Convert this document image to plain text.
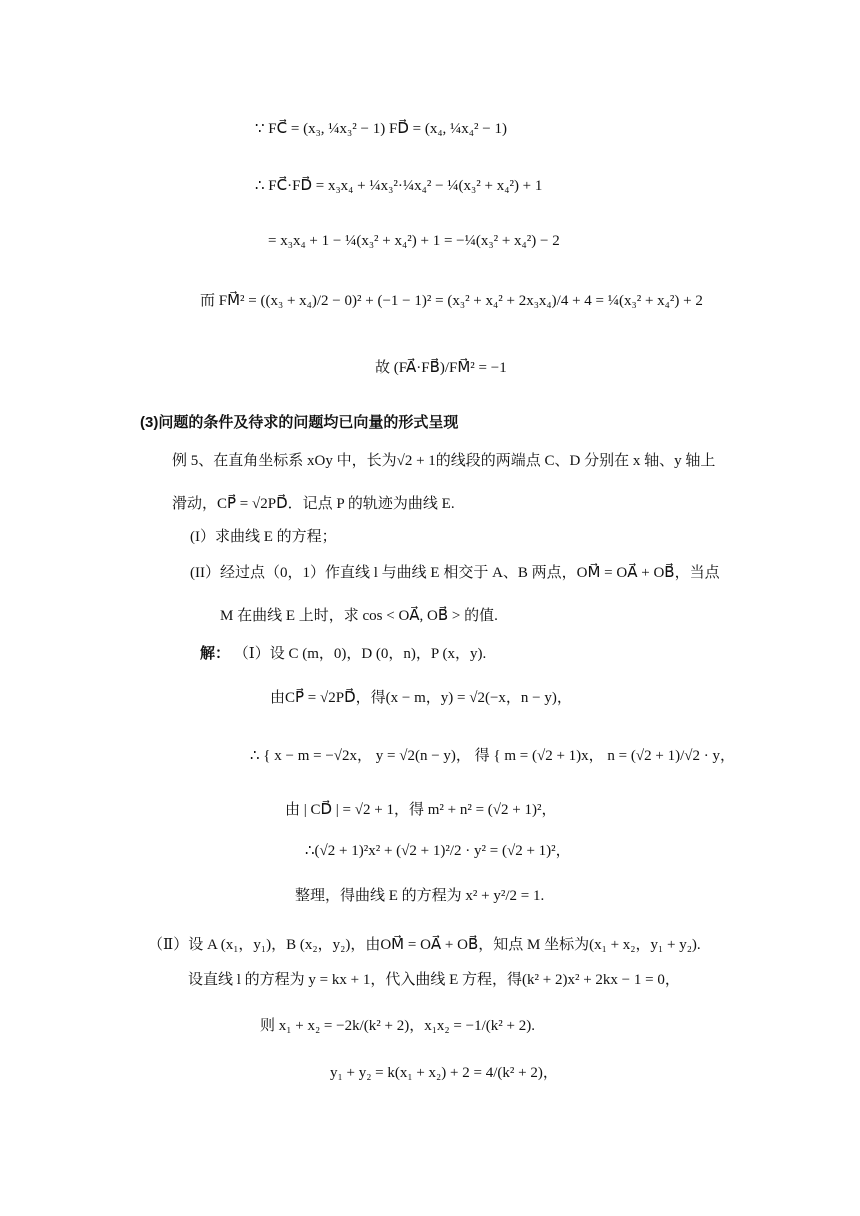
∵ FC⃗ = (x₃, ¼x₃² − 1) FD⃗ = (x₄, ¼x₄² − 1)
∴ FC⃗·FD⃗ = x₃x₄ + ¼x₃²·¼x₄² − ¼(x₃² + x₄²) + 1
= x₃x₄ + 1 − ¼(x₃² + x₄²) + 1 = −¼(x₃² + x₄²) − 2
而 FM⃗² = ((x₃ + x₄)/2 − 0)² + (−1 − 1)² = (x₃² + x₄² + 2x₃x₄)/4 + 4 = ¼(x₃² + x₄²) + 2
故 (FA⃗·FB⃗)/FM⃗² = −1
(3)问题的条件及待求的问题均已向量的形式呈现
例 5、在直角坐标系 xOy 中，长为√2 + 1的线段的两端点 C、D 分别在 x 轴、y 轴上
滑动，CP⃗ = √2PD⃗．记点 P 的轨迹为曲线 E.
(I）求曲线 E 的方程；
(II）经过点（0，1）作直线 l 与曲线 E 相交于 A、B 两点，OM⃗ = OA⃗ + OB⃗，当点
M 在曲线 E 上时，求 cos < OA⃗, OB⃗ > 的值.
解： （Ⅰ）设 C (m，0)，D (0，n)，P (x，y).
由CP⃗ = √2PD⃗，得(x − m，y) = √2(−x，n − y)，
∴ { x − m = −√2x， y = √2(n − y)， 得 { m = (√2 + 1)x， n = (√2 + 1)/√2 · y，
由 | CD⃗ | = √2 + 1，得 m² + n² = (√2 + 1)²，
∴(√2 + 1)²x² + (√2 + 1)²/2 · y² = (√2 + 1)²，
整理，得曲线 E 的方程为 x² + y²/2 = 1.
（Ⅱ）设 A (x₁，y₁)，B (x₂，y₂)，由OM⃗ = OA⃗ + OB⃗，知点 M 坐标为(x₁ + x₂，y₁ + y₂).
设直线 l 的方程为 y = kx + 1，代入曲线 E 方程，得(k² + 2)x² + 2kx − 1 = 0，
则 x₁ + x₂ = −2k/(k² + 2)，x₁x₂ = −1/(k² + 2).
y₁ + y₂ = k(x₁ + x₂) + 2 = 4/(k² + 2)，
